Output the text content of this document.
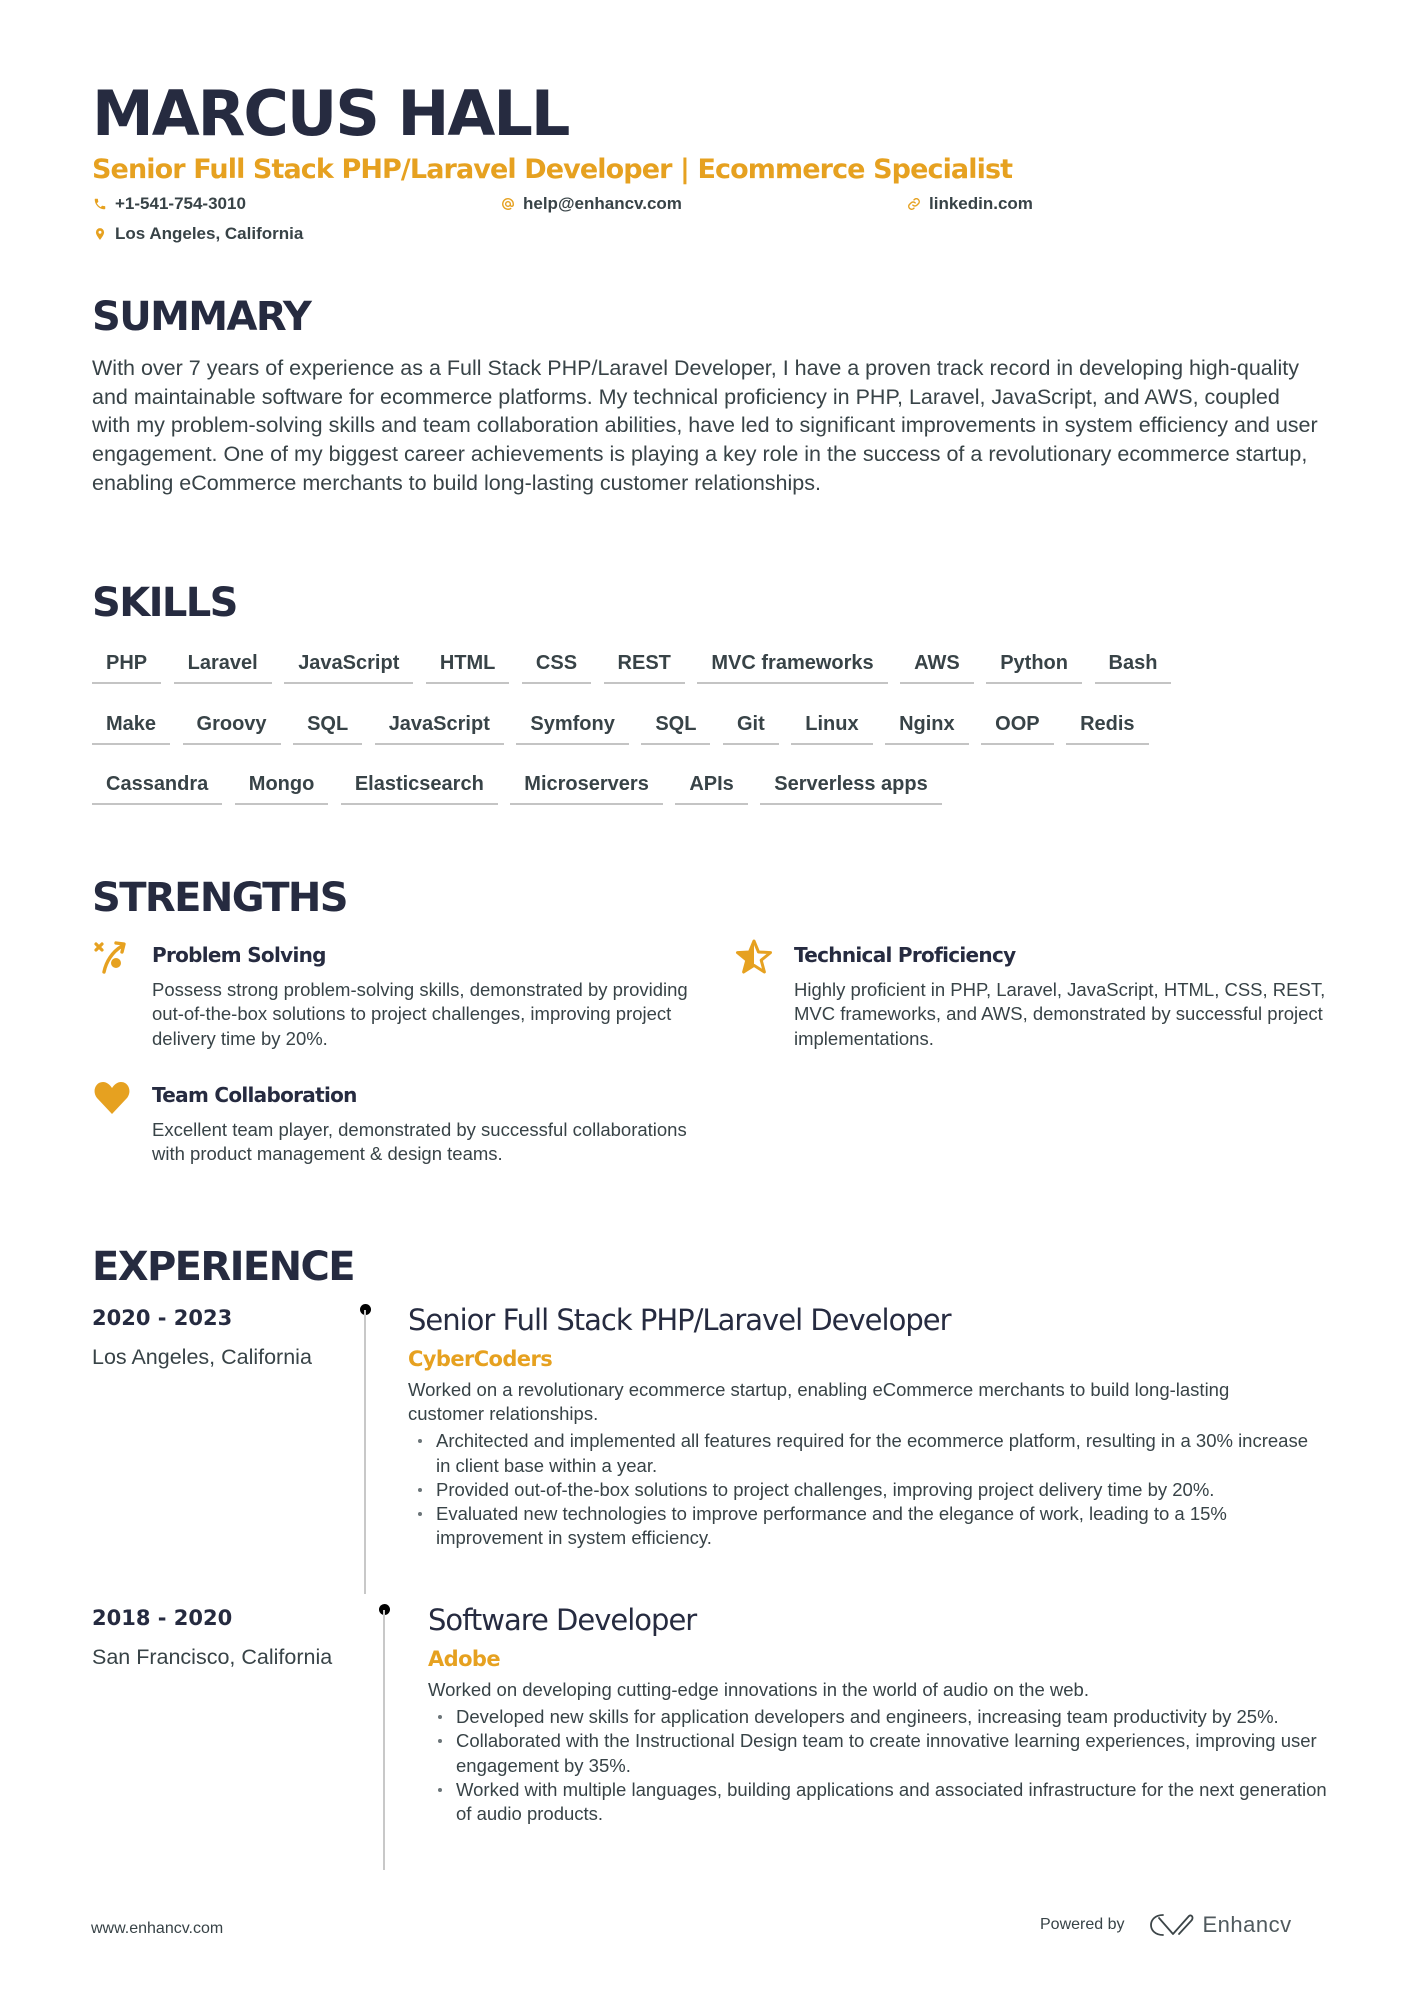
MARCUS HALL
Senior Full Stack PHP/Laravel Developer | Ecommerce Specialist
+1-541-754-3010	help@enhancv.com	linkedin.com
Los Angeles, California
SUMMARY
With over 7 years of experience as a Full Stack PHP/Laravel Developer, I have a proven track record in developing high-quality and maintainable software for ecommerce platforms. My technical proficiency in PHP, Laravel, JavaScript, and AWS, coupled with my problem-solving skills and team collaboration abilities, have led to significant improvements in system efficiency and user engagement. One of my biggest career achievements is playing a key role in the success of a revolutionary ecommerce startup, enabling eCommerce merchants to build long-lasting customer relationships.
SKILLS
PHP	Laravel	JavaScript	HTML	CSS	REST	MVC frameworks	AWS	Python	Bash
Make	Groovy	SQL	JavaScript	Symfony	SQL	Git	Linux	Nginx	OOP	Redis
Cassandra	Mongo	Elasticsearch	Microservers	APIs	Serverless apps
STRENGTHS
Problem Solving
Possess strong problem-solving skills, demonstrated by providing out-of-the-box solutions to project challenges, improving project delivery time by 20%.
Technical Proficiency
Highly proficient in PHP, Laravel, JavaScript, HTML, CSS, REST, MVC frameworks, and AWS, demonstrated by successful project implementations.
Team Collaboration
Excellent team player, demonstrated by successful collaborations with product management & design teams.
EXPERIENCE
2020 - 2023
Los Angeles, California
Senior Full Stack PHP/Laravel Developer
CyberCoders
Worked on a revolutionary ecommerce startup, enabling eCommerce merchants to build long-lasting customer relationships.
Architected and implemented all features required for the ecommerce platform, resulting in a 30% increase in client base within a year.
Provided out-of-the-box solutions to project challenges, improving project delivery time by 20%.
Evaluated new technologies to improve performance and the elegance of work, leading to a 15% improvement in system efficiency.
2018 - 2020
San Francisco, California
Software Developer
Adobe
Worked on developing cutting-edge innovations in the world of audio on the web.
Developed new skills for application developers and engineers, increasing team productivity by 25%.
Collaborated with the Instructional Design team to create innovative learning experiences, improving user engagement by 35%.
Worked with multiple languages, building applications and associated infrastructure for the next generation of audio products.
www.enhancv.com	Powered by	Enhancv
